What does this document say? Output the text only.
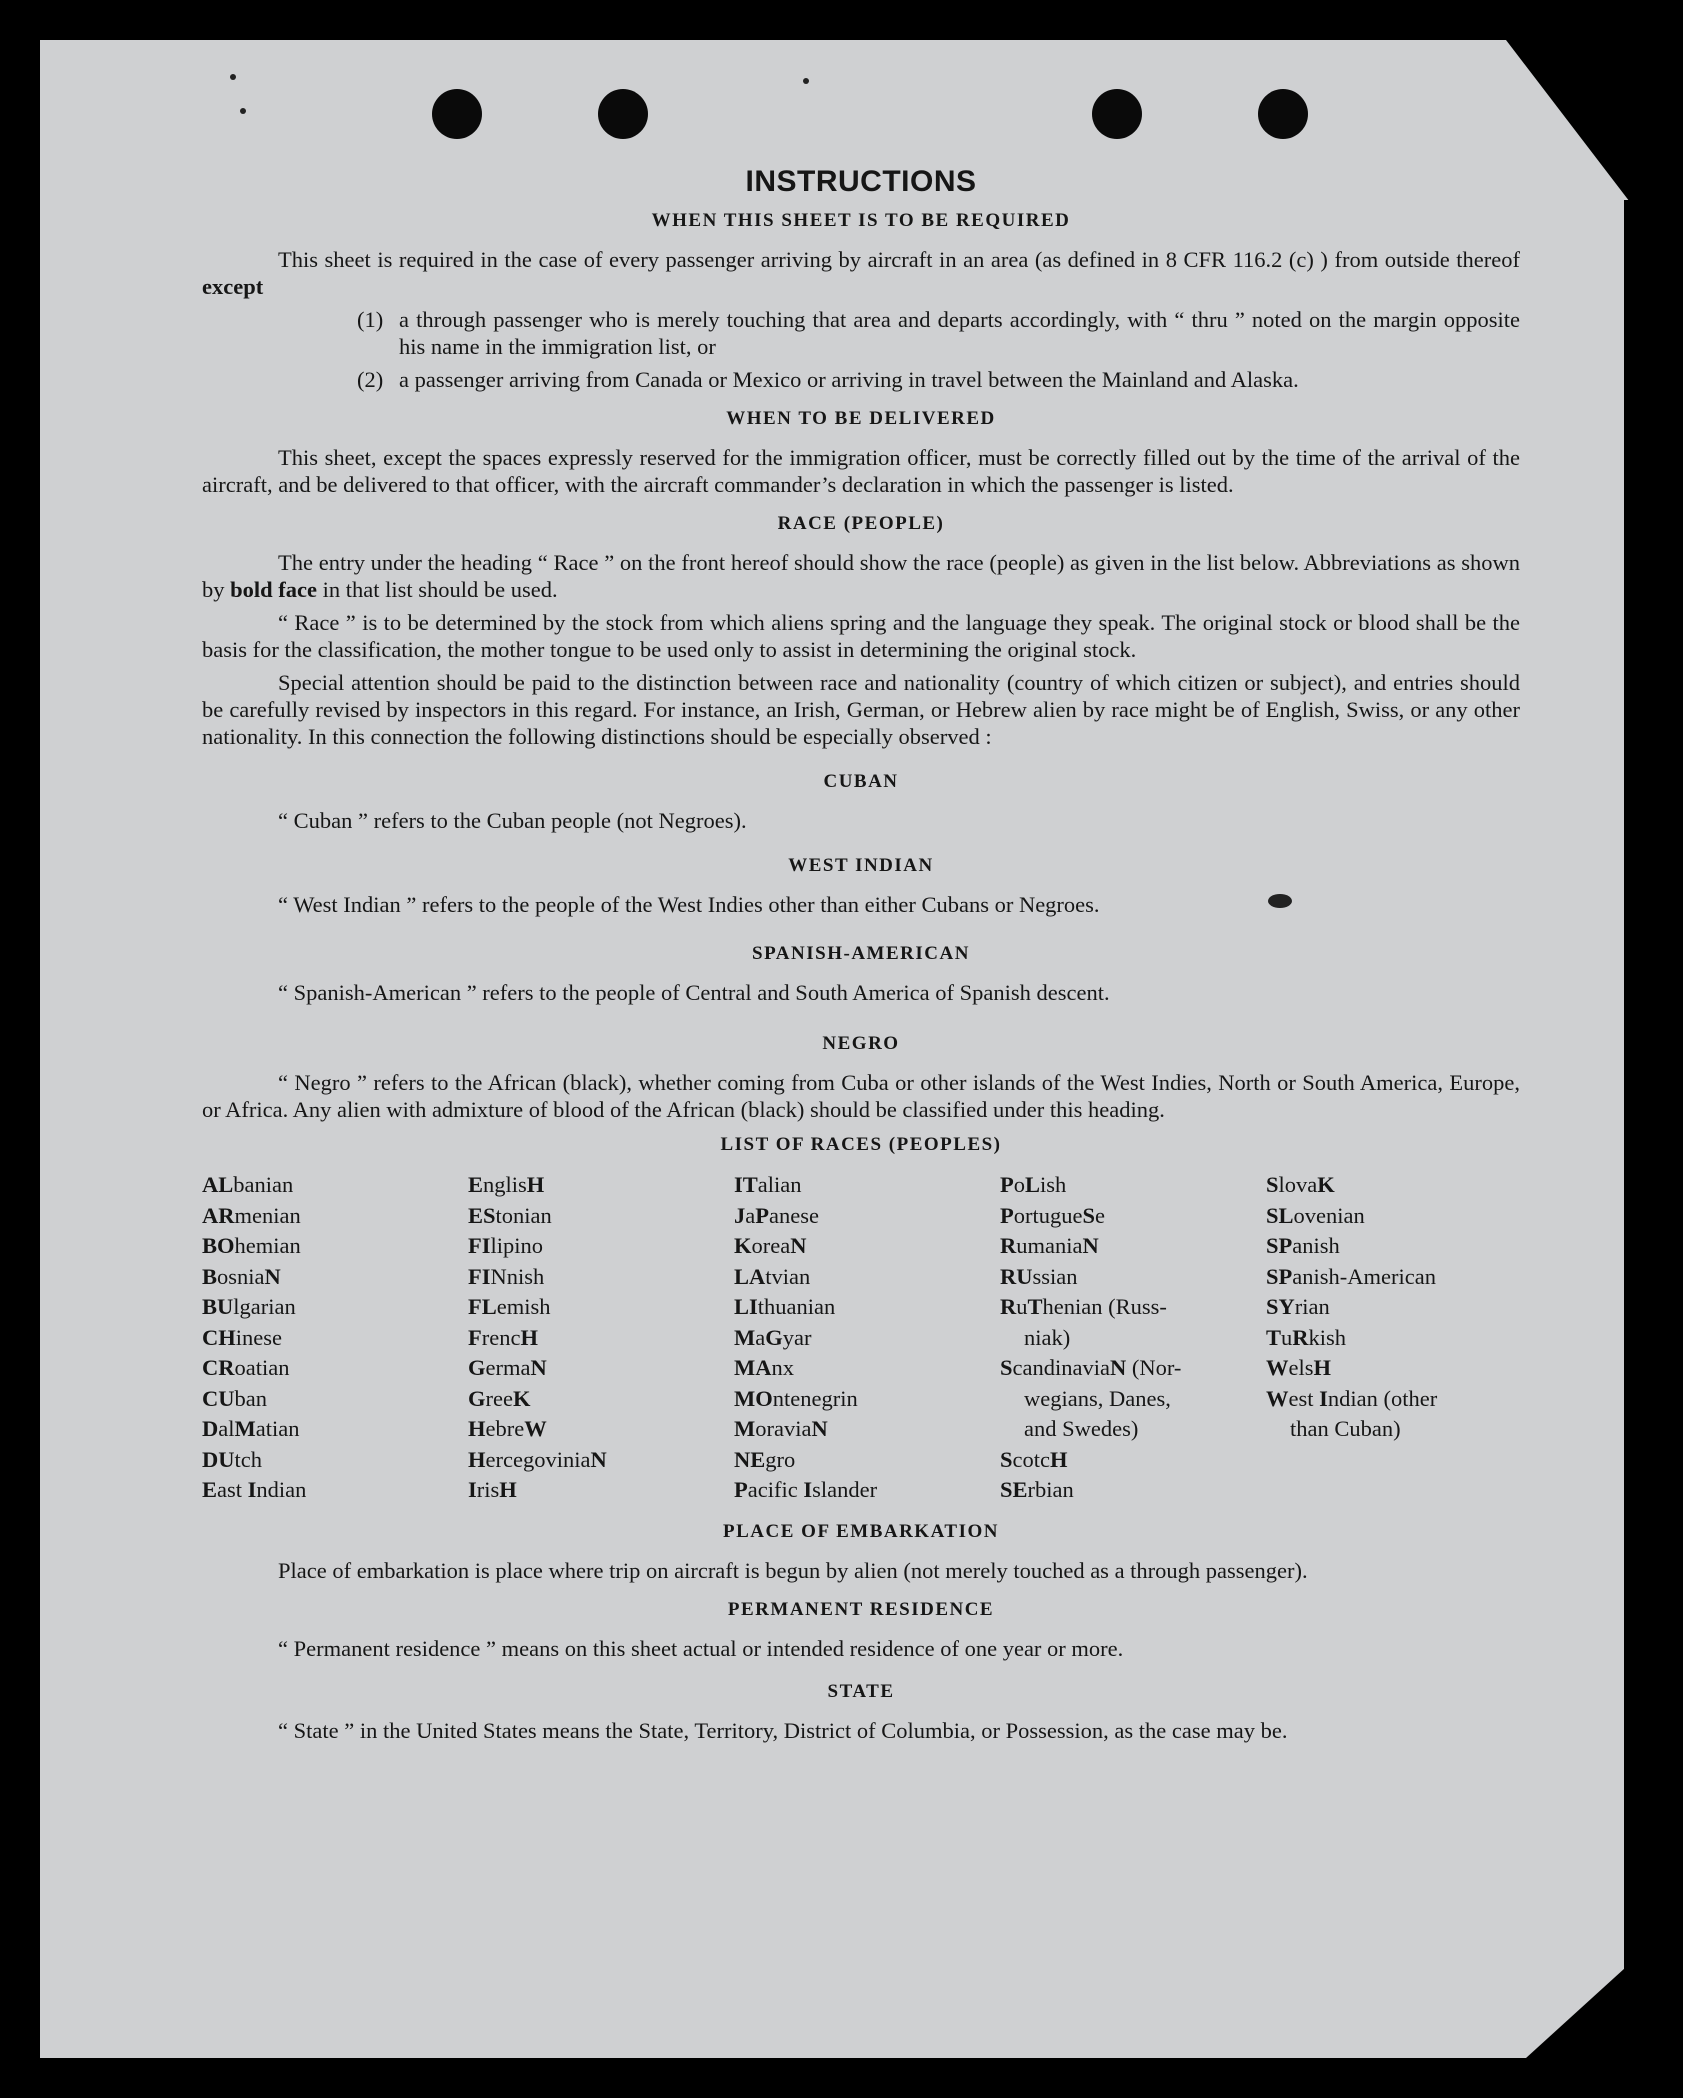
INSTRUCTIONS
WHEN THIS SHEET IS TO BE REQUIRED

This sheet is required in the case of every passenger arriving by aircraft in an area (as defined in 8 CFR 116.2 (c) ) from outside thereof except

(1) a through passenger who is merely touching that area and departs accordingly, with “ thru ” noted on the margin opposite his name in the immigration list, or
(2) a passenger arriving from Canada or Mexico or arriving in travel between the Mainland and Alaska.
WHEN TO BE DELIVERED

This sheet, except the spaces expressly reserved for the immigration officer, must be correctly filled out by the time of the arrival of the aircraft, and be delivered to that officer, with the aircraft commander’s declaration in which the passenger is listed.

RACE (PEOPLE)

The entry under the heading “ Race ” on the front hereof should show the race (people) as given in the list below. Abbreviations as shown by bold face in that list should be used.

“ Race ” is to be determined by the stock from which aliens spring and the language they speak. The original stock or blood shall be the basis for the classification, the mother tongue to be used only to assist in determining the original stock.

Special attention should be paid to the distinction between race and nationality (country of which citizen or subject), and entries should be carefully revised by inspectors in this regard. For instance, an Irish, German, or Hebrew alien by race might be of English, Swiss, or any other nationality. In this connection the following distinctions should be especially observed :

CUBAN

“ Cuban ” refers to the Cuban people (not Negroes).

WEST INDIAN

“ West Indian ” refers to the people of the West Indies other than either Cubans or Negroes.

SPANISH-AMERICAN

“ Spanish-American ” refers to the people of Central and South America of Spanish descent.

NEGRO

“ Negro ” refers to the African (black), whether coming from Cuba or other islands of the West Indies, North or South America, Europe, or Africa. Any alien with admixture of blood of the African (black) should be classified under this heading.

LIST OF RACES (PEOPLES)
ALbanian
ARmenian
BOhemian
BosniaN
BUlgarian
CHinese
CRoatian
CUban
DalMatian
DUtch
East Indian
EnglisH
EStonian
FIlipino
FINnish
FLemish
FrencH
GermaN
GreeK
HebreW
HercegoviniaN
IrisH
ITalian
JaPanese
KoreaN
LAtvian
LIthuanian
MaGyar
MAnx
MOntenegrin
MoraviaN
NEgro
Pacific Islander
PoLish
PortugueSe
RumaniaN
RUssian
RuThenian (Russ-
niak)
ScandinaviaN (Nor-
wegians, Danes,
and Swedes)
ScotcH
SErbian
SlovaK
SLovenian
SPanish
SPanish-American
SYrian
TuRkish
WelsH
West Indian (other
than Cuban)
PLACE OF EMBARKATION

Place of embarkation is place where trip on aircraft is begun by alien (not merely touched as a through passenger).

PERMANENT RESIDENCE

“ Permanent residence ” means on this sheet actual or intended residence of one year or more.

STATE

“ State ” in the United States means the State, Territory, District of Columbia, or Possession, as the case may be.
